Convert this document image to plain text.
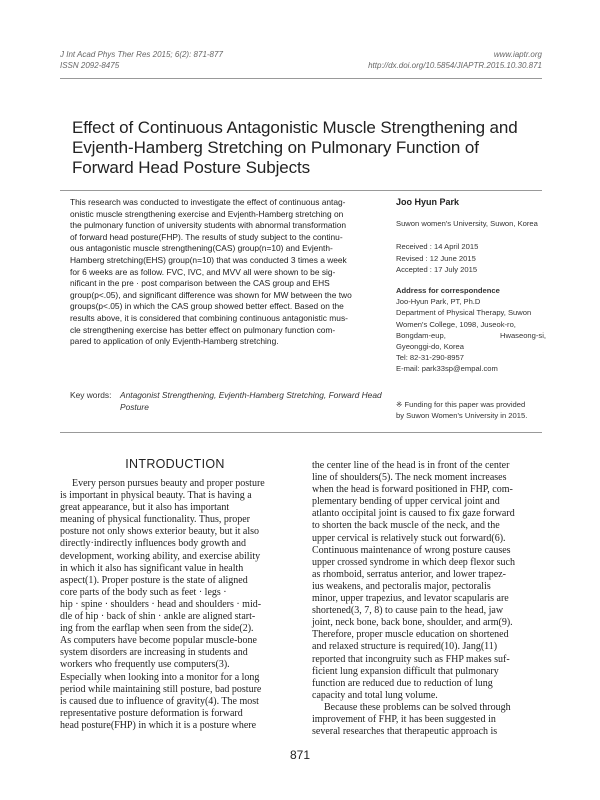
J Int Acad Phys Ther Res 2015; 6(2): 871-877
ISSN 2092-8475
www.iaptr.org
http://dx.doi.org/10.5854/JIAPTR.2015.10.30.871
Effect of Continuous Antagonistic Muscle Strengthening and
Evjenth-Hamberg Stretching on Pulmonary Function of
Forward Head Posture Subjects
This research was conducted to investigate the effect of continuous antag-
onistic muscle strengthening exercise and Evjenth-Hamberg stretching on
the pulmonary function of university students with abnormal transformation
of forward head posture(FHP). The results of study subject to the continu-
ous antagonistic muscle strengthening(CAS) group(n=10) and Evjenth-
Hamberg stretching(EHS) group(n=10) that was conducted 3 times a week
for 6 weeks are as follow. FVC, IVC, and MVV all were shown to be sig-
nificant in the pre · post comparison between the CAS group and EHS
group(p<.05), and significant difference was shown for MW between the two
groups(p<.05) in which the CAS group showed better effect. Based on the
results above, it is considered that combining continuous antagonistic mus-
cle strengthening exercise has better effect on pulmonary function com-
pared to application of only Evjenth-Hamberg stretching.
Key words: Antagonist Strengthening, Evjenth-Hamberg Stretching, Forward Head
Posture
Joo Hyun Park
Suwon women's University, Suwon, Korea
Received : 14 April 2015
Revised : 12 June 2015
Accepted : 17 July 2015
Address for correspondence
Joo-Hyun Park, PT, Ph.D
Department of Physical Therapy, Suwon
Women's College, 1098, Juseok-ro,
Bongdam-eup,	Hwaseong-si,
Gyeonggi-do, Korea
Tel: 82-31-290-8957
E-mail: park33sp@empal.com
※ Funding for this paper was provided
by Suwon Women's University in 2015.
INTRODUCTION
Every person pursues beauty and proper posture
is important in physical beauty. That is having a
great appearance, but it also has important
meaning of physical functionality. Thus, proper
posture not only shows exterior beauty, but it also
directly·indirectly influences body growth and
development, working ability, and exercise ability
in which it also has significant value in health
aspect(1). Proper posture is the state of aligned
core parts of the body such as feet · legs ·
hip · spine · shoulders · head and shoulders · mid-
dle of hip · back of shin · ankle are aligned start-
ing from the earflap when seen from the side(2).
As computers have become popular muscle-bone
system disorders are increasing in students and
workers who frequently use computers(3).
Especially when looking into a monitor for a long
period while maintaining still posture, bad posture
is caused due to influence of gravity(4). The most
representative posture deformation is forward
head posture(FHP) in which it is a posture where
the center line of the head is in front of the center
line of shoulders(5). The neck moment increases
when the head is forward positioned in FHP, com-
plementary bending of upper cervical joint and
atlanto occipital joint is caused to fix gaze forward
to shorten the back muscle of the neck, and the
upper cervical is relatively stuck out forward(6).
Continuous maintenance of wrong posture causes
upper crossed syndrome in which deep flexor such
as rhomboid, serratus anterior, and lower trapez-
ius weakens, and pectoralis major, pectoralis
minor, upper trapezius, and levator scapularis are
shortened(3, 7, 8) to cause pain to the head, jaw
joint, neck bone, back bone, shoulder, and arm(9).
Therefore, proper muscle education on shortened
and relaxed structure is required(10). Jang(11)
reported that incongruity such as FHP makes suf-
ficient lung expansion difficult that pulmonary
function are reduced due to reduction of lung
capacity and total lung volume.
Because these problems can be solved through
improvement of FHP, it has been suggested in
several researches that therapeutic approach is
871
